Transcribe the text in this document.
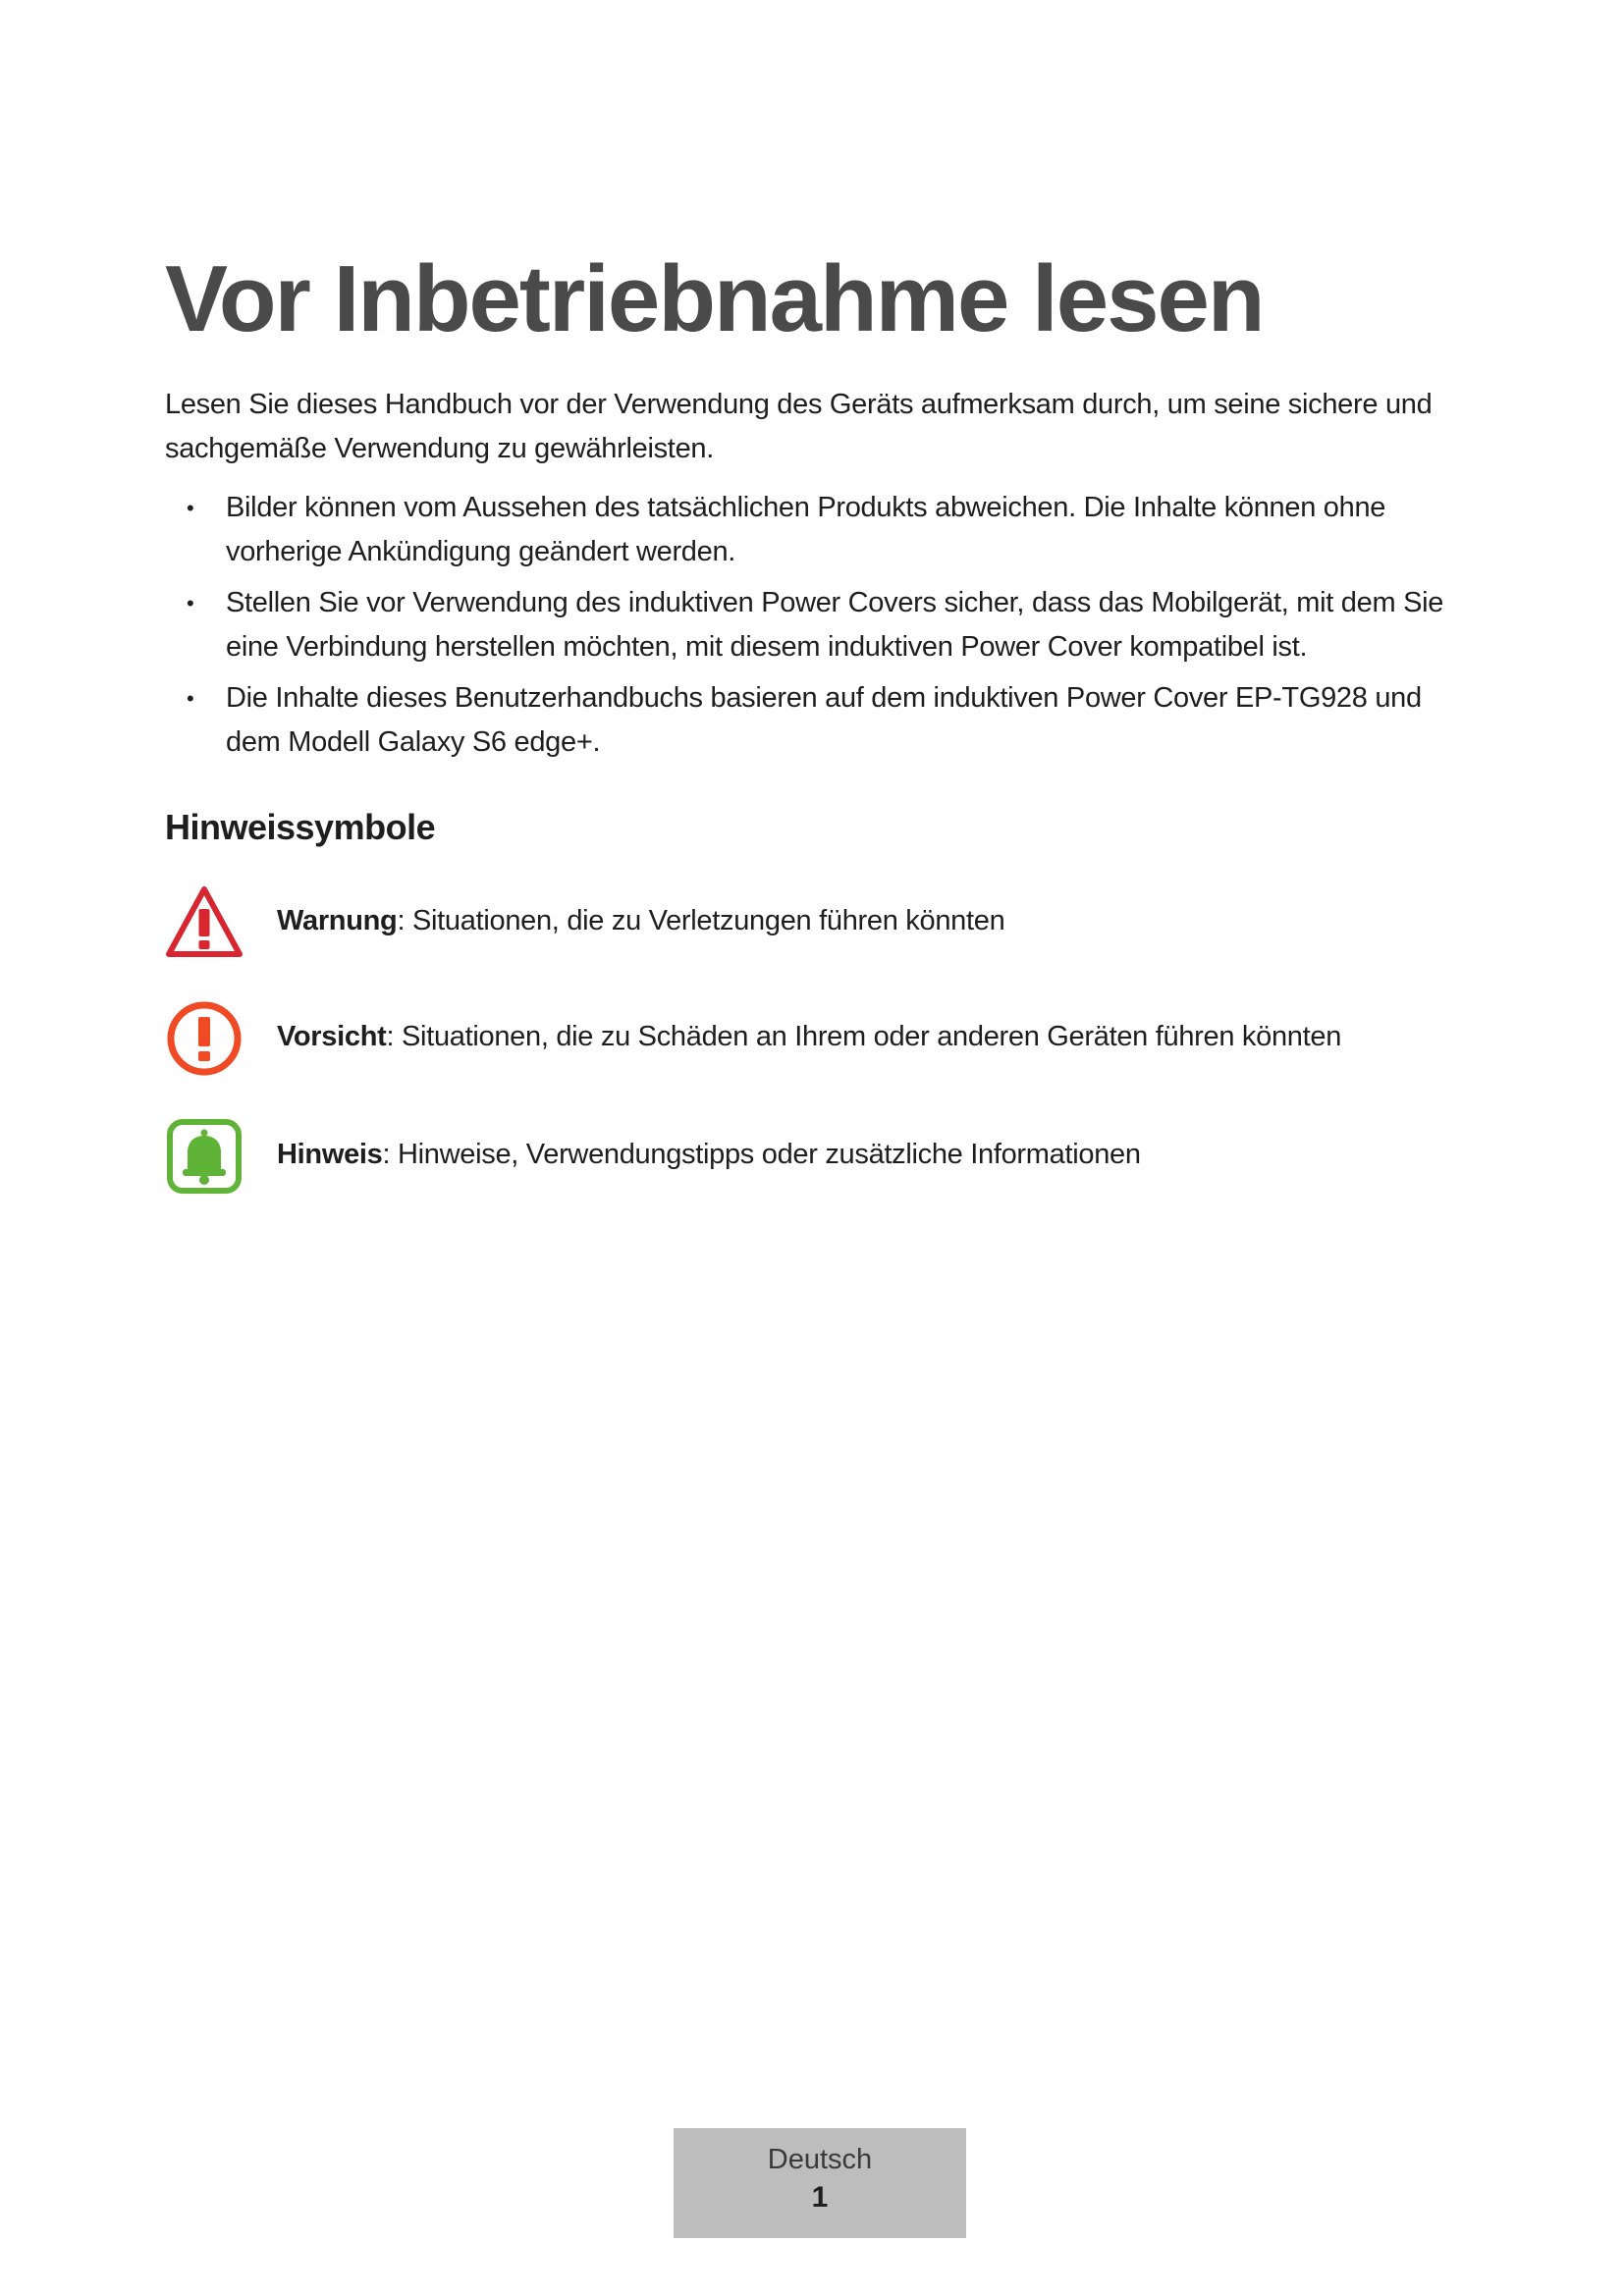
Vor Inbetriebnahme lesen

Lesen Sie dieses Handbuch vor der Verwendung des Geräts aufmerksam durch, um seine sichere und sachgemäße Verwendung zu gewährleisten.

• Bilder können vom Aussehen des tatsächlichen Produkts abweichen. Die Inhalte können ohne vorherige Ankündigung geändert werden.
• Stellen Sie vor Verwendung des induktiven Power Covers sicher, dass das Mobilgerät, mit dem Sie eine Verbindung herstellen möchten, mit diesem induktiven Power Cover kompatibel ist.
• Die Inhalte dieses Benutzerhandbuchs basieren auf dem induktiven Power Cover EP-TG928 und dem Modell Galaxy S6 edge+.
Hinweissymbole
Warnung: Situationen, die zu Verletzungen führen könnten
Vorsicht: Situationen, die zu Schäden an Ihrem oder anderen Geräten führen könnten
Hinweis: Hinweise, Verwendungstipps oder zusätzliche Informationen
Deutsch
1
